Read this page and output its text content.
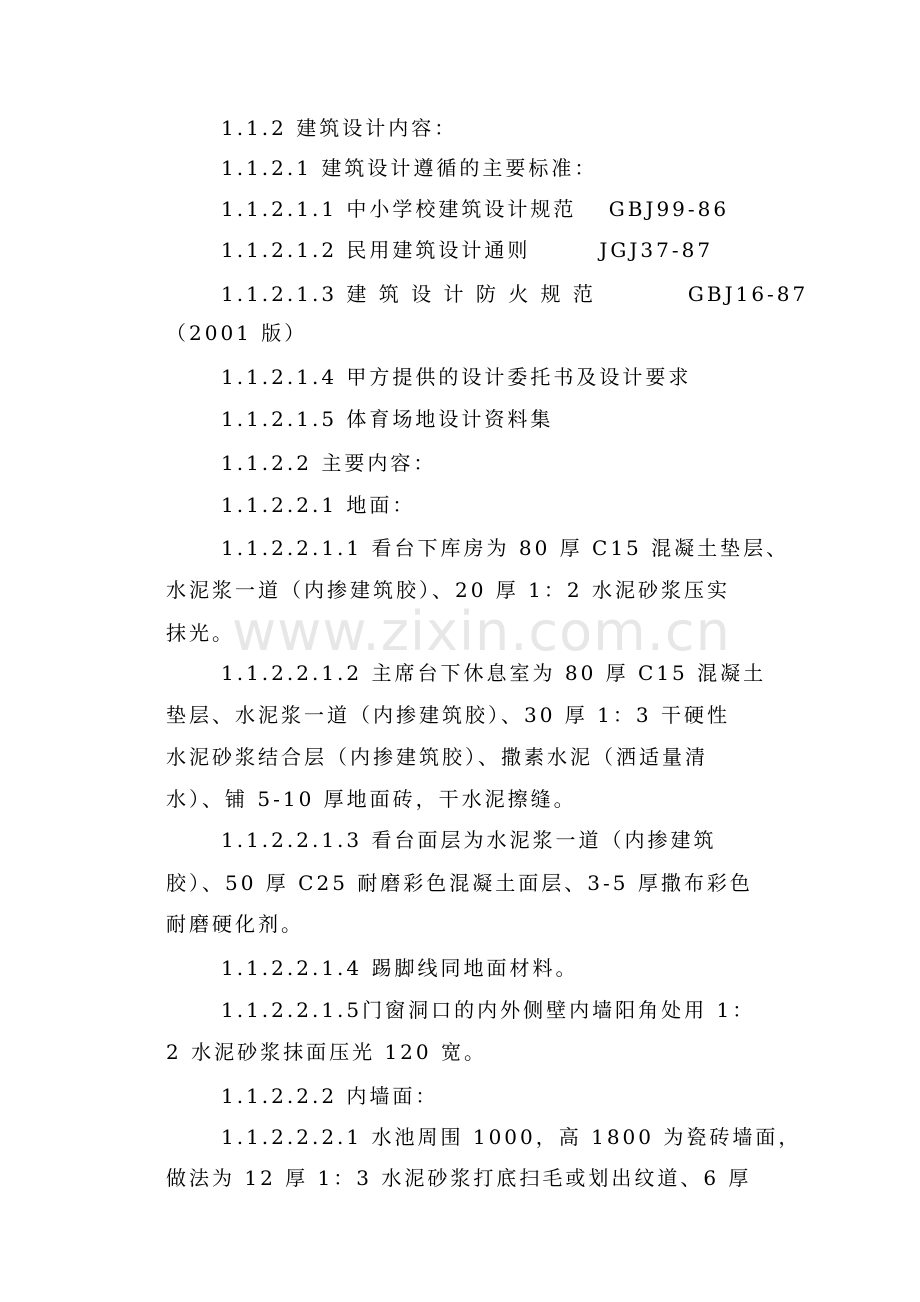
1.1.2 建筑设计内容：
1.1.2.1 建筑设计遵循的主要标准：
1.1.2.1.1 中小学校建筑设计规范　 GBJ99-86
1.1.2.1.2 民用建筑设计通则　　　JGJ37-87
1.1.2.1.3 建 筑 设 计 防 火 规 范　　　　GBJ16-87
（2001 版）
1.1.2.1.4 甲方提供的设计委托书及设计要求
1.1.2.1.5 体育场地设计资料集
1.1.2.2 主要内容：
1.1.2.2.1 地面：
1.1.2.2.1.1 看台下库房为 80 厚 C15 混凝土垫层、
水泥浆一道（内掺建筑胶）、20 厚 1：2 水泥砂浆压实
抹光。
1.1.2.2.1.2 主席台下休息室为 80 厚 C15 混凝土
垫层、水泥浆一道（内掺建筑胶）、30 厚 1：3 干硬性
水泥砂浆结合层（内掺建筑胶）、撒素水泥（洒适量清
水）、铺 5-10 厚地面砖，干水泥擦缝。
1.1.2.2.1.3 看台面层为水泥浆一道（内掺建筑
胶）、50 厚 C25 耐磨彩色混凝土面层、3-5 厚撒布彩色
耐磨硬化剂。
1.1.2.2.1.4 踢脚线同地面材料。
1.1.2.2.1.5门窗洞口的内外侧壁内墙阳角处用 1：
2 水泥砂浆抹面压光 120 宽。
1.1.2.2.2 内墙面：
1.1.2.2.2.1 水池周围 1000，高 1800 为瓷砖墙面，
做法为 12 厚 1：3 水泥砂浆打底扫毛或划出纹道、6 厚
www.zixin.com.cn
